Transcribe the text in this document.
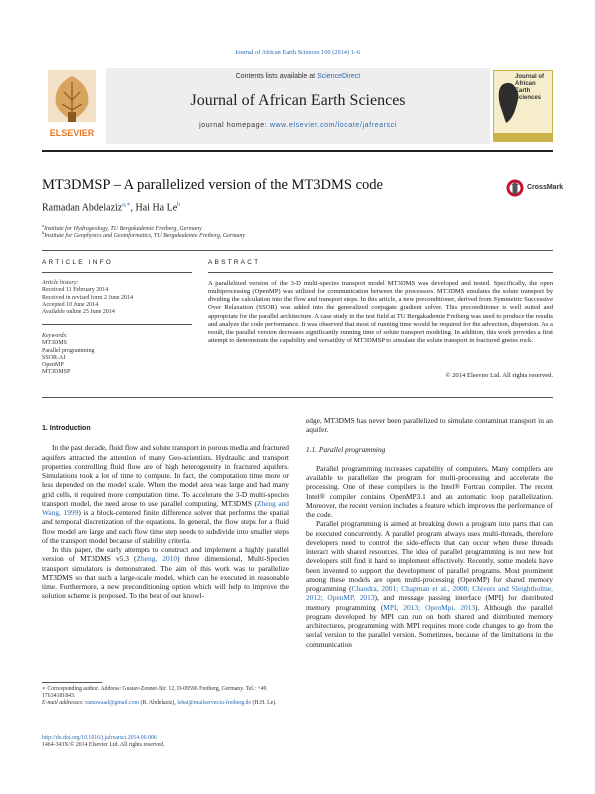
Journal of African Earth Sciences 100 (2014) 1–6
ELSEVIER
Contents lists available at ScienceDirect
Journal of African Earth Sciences
journal homepage: www.elsevier.com/locate/jafrearsci
Journal of African Earth Sciences
MT3DMSP – A parallelized version of the MT3DMS code	CrossMark
Ramadan Abdelaziz$^{a,∗}$, Hai Ha Le$^b$
$^a$Institute for Hydrogeology, TU Bergakademie Freiberg, Germany
$^b$Institute for Geophysics and Geoinformatics, TU Bergakademie Freiberg, Germany
ARTICLE INFO	ABSTRACT
Article history:
Received 11 February 2014
Received in revised form 2 June 2014
Accepted 10 June 2014
Available online 25 June 2014
Keywords:
MT3DMS
Parallel programming
SSOR-AI
OpenMP
MT3DMSP
A parallelized version of the 3-D multi-species transport model MT3DMS was developed and tested. Specifically, the open multiprocessing (OpenMP) was utilized for communication between the processors. MT3DMS emulates the solute transport by dividing the calculation into the flow and transport steps. In this article, a new preconditioner, derived from Symmetric Successive Over Relaxation (SSOR) was added into the generalized conjugate gradient solver. This preconditioner is well suited and appropriate for the parallel architecture. A case study in the test field at TU Bergakademie Freiberg was used to produce the results and analyze the code performance. It was observed that most of running time would be required for the advection, dispersion. As a result, the parallel version decreases significantly running time of solute transport modeling. In addition, this work provides a first attempt to demonstrate the capability and versatility of MT3DMSP to simulate the solute transport in fractured gneiss rock.
© 2014 Elsevier Ltd. All rights reserved.
1. Introduction

In the past decade, fluid flow and solute transport in porous media and fractured aquifers attracted the attention of many Geo-scientists. Hydraulic and transport properties controlling fluid flow are of high heterogeneity in fractured aquifers. Simulations took a lot of time to compute. In fact, the computation time more or less depended on the model scale. When the model area was large and had many grid cells, it required more computation time. To accelerate the 3-D multi-species transport model, the need arose to use parallel computing. MT3DMS (Zheng and Wang, 1999) is a block-centered finite difference solver that performs the spatial and temporal discretization of the equations. In general, the flow steps for a fluid flow model are large and each flow time step needs to subdivide into smaller steps of the transport model because of stability criteria.

In this paper, the early attempts to construct and implement a highly parallel version of MT3DMS v5.3 (Zheng, 2010) three dimensional, Multi-Species transport simulators is demonstrated. The aim of this work was to parallelize MT3DMS so that such a large-scale model, which can be executed in reasonable time. Furthermore, a new preconditioning option which will help to improve the solution scheme is proposed. To the best of our knowl-

edge, MT3DMS has never been parallelized to simulate contaminat transport in an aquifer.

1.1. Parallel programming

Parallel programming increases capability of computers. Many compilers are available to parallelize the program for multi-processing and accelerate the processing. One of these compilers is the Intel® Fortran compiler. The recent Intel® compiler contains OpenMP3.1 and an automatic loop parallelization. Moreover, the recent version includes a feature which improves the performance of the code.

Parallel programming is aimed at breaking down a program into parts that can be executed concurrently. A parallel program always uses multi-threads, therefore developers need to control the side-effects that can occur when these threads interact with shared resources. The idea of parallel programming is not new but developers still find it hard to implement effectively. Recently, some models have been invented to support the development of parallel programs. Most prominent among these models are open multi-processing (OpenMP) for shared memory programming (Chandra, 2001; Chapman et al., 2008; Chivers and Sleightholme, 2012; OpenMP, 2013), and message passing interface (MPI) for distributed memory programming (MPI, 2013; OpenMpi, 2013). Although the parallel program developed by MPI can run on both shared and distributed memory architectures, programming with MPI requires more code changes to go from the serial version to the parallel version. Sometimes, because of the limitations in the communication

∗ Corresponding author. Address: Gustav-Zeuner-Str. 12, D-09596 Freiberg, Germany. Tel.: +49 17634181843.
E-mail addresses: ramawaad@gmail.com (R. Abdelaziz), lehai@mailserver.tu-freiberg.de (H.H. Le).
http://dx.doi.org/10.1016/j.jafrearsci.2014.06.006
1464-343X/© 2014 Elsevier Ltd. All rights reserved.
